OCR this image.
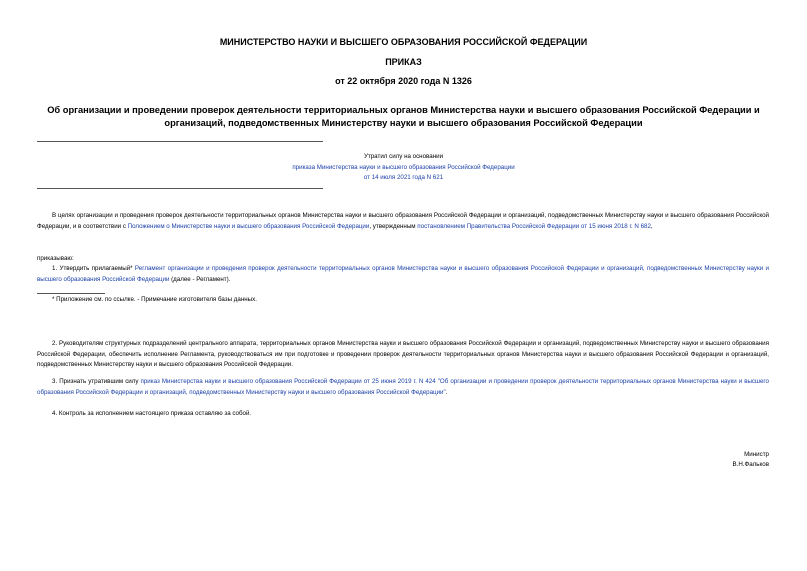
МИНИСТЕРСТВО НАУКИ И ВЫСШЕГО ОБРАЗОВАНИЯ РОССИЙСКОЙ ФЕДЕРАЦИИ
ПРИКАЗ
от 22 октября 2020 года N 1326
Об организации и проведении проверок деятельности территориальных органов Министерства науки и высшего образования Российской Федерации и организаций, подведомственных Министерству науки и высшего образования Российской Федерации
Утратил силу на основании
приказа Министерства науки и высшего образования Российской Федерации
от 14 июля 2021 года N 621
В целях организации и проведения проверок деятельности территориальных органов Министерства науки и высшего образования Российской Федерации и организаций, подведомственных Министерству науки и высшего образования Российской Федерации, и в соответствии с Положением о Министерстве науки и высшего образования Российской Федерации, утвержденным постановлением Правительства Российской Федерации от 15 июня 2018 г. N 682,
приказываю:
1. Утвердить прилагаемый* Регламент организации и проведения проверок деятельности территориальных органов Министерства науки и высшего образования Российской Федерации и организаций, подведомственных Министерству науки и высшего образования Российской Федерации (далее - Регламент).
* Приложение см. по ссылке. - Примечание изготовителя базы данных.
2. Руководителям структурных подразделений центрального аппарата, территориальных органов Министерства науки и высшего образования Российской Федерации и организаций, подведомственных Министерству науки и высшего образования Российской Федерации, обеспечить исполнение Регламента, руководствоваться им при подготовке и проведении проверок деятельности территориальных органов Министерства науки и высшего образования Российской Федерации и организаций, подведомственных Министерству науки и высшего образования Российской Федерации.
3. Признать утратившим силу приказ Министерства науки и высшего образования Российской Федерации от 25 июня 2019 г. N 424 "Об организации и проведении проверок деятельности территориальных органов Министерства науки и высшего образования Российской Федерации и организаций, подведомственных Министерству науки и высшего образования Российской Федерации".
4. Контроль за исполнением настоящего приказа оставляю за собой.
Министр
В.Н.Фальков
